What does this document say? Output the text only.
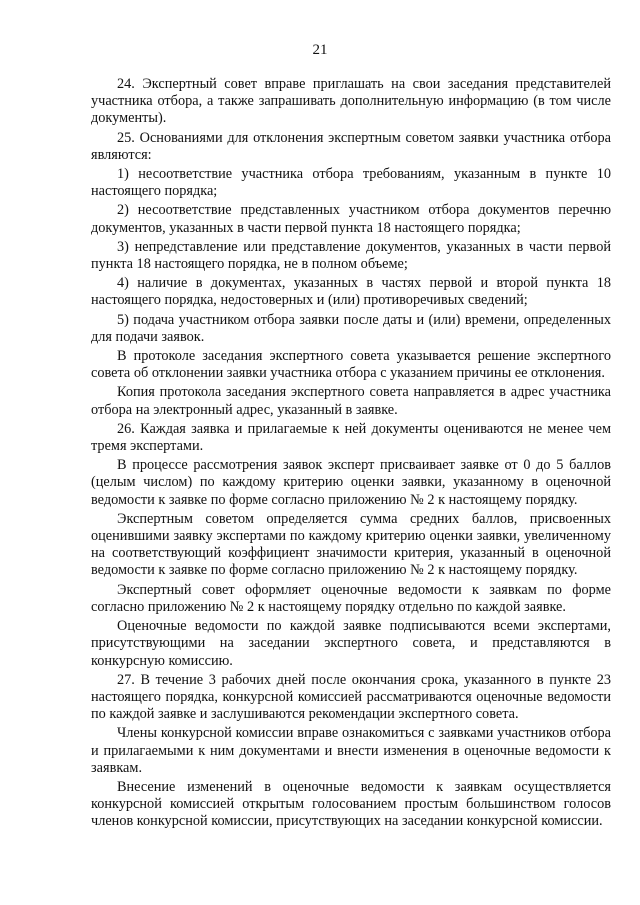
21

24. Экспертный совет вправе приглашать на свои заседания представителей участника отбора, а также запрашивать дополнительную информацию (в том числе документы).

25. Основаниями для отклонения экспертным советом заявки участника отбора являются:

1) несоответствие участника отбора требованиям, указанным в пункте 10 настоящего порядка;

2) несоответствие представленных участником отбора документов перечню документов, указанных в части первой пункта 18 настоящего порядка;

3) непредставление или представление документов, указанных в части первой пункта 18 настоящего порядка, не в полном объеме;

4) наличие в документах, указанных в частях первой и второй пункта 18 настоящего порядка, недостоверных и (или) противоречивых сведений;

5) подача участником отбора заявки после даты и (или) времени, определенных для подачи заявок.

В протоколе заседания экспертного совета указывается решение экспертного совета об отклонении заявки участника отбора с указанием причины ее отклонения.

Копия протокола заседания экспертного совета направляется в адрес участника отбора на электронный адрес, указанный в заявке.

26. Каждая заявка и прилагаемые к ней документы оцениваются не менее чем тремя экспертами.

В процессе рассмотрения заявок эксперт присваивает заявке от 0 до 5 баллов (целым числом) по каждому критерию оценки заявки, указанному в оценочной ведомости к заявке по форме согласно приложению № 2 к настоящему порядку.

Экспертным советом определяется сумма средних баллов, присвоенных оценившими заявку экспертами по каждому критерию оценки заявки, увеличенному на соответствующий коэффициент значимости критерия, указанный в оценочной ведомости к заявке по форме согласно приложению № 2 к настоящему порядку.

Экспертный совет оформляет оценочные ведомости к заявкам по форме согласно приложению № 2 к настоящему порядку отдельно по каждой заявке.

Оценочные ведомости по каждой заявке подписываются всеми экспертами, присутствующими на заседании экспертного совета, и представляются в конкурсную комиссию.

27. В течение 3 рабочих дней после окончания срока, указанного в пункте 23 настоящего порядка, конкурсной комиссией рассматриваются оценочные ведомости по каждой заявке и заслушиваются рекомендации экспертного совета.

Члены конкурсной комиссии вправе ознакомиться с заявками участников отбора и прилагаемыми к ним документами и внести изменения в оценочные ведомости к заявкам.

Внесение изменений в оценочные ведомости к заявкам осуществляется конкурсной комиссией открытым голосованием простым большинством голосов членов конкурсной комиссии, присутствующих на заседании конкурсной комиссии.
